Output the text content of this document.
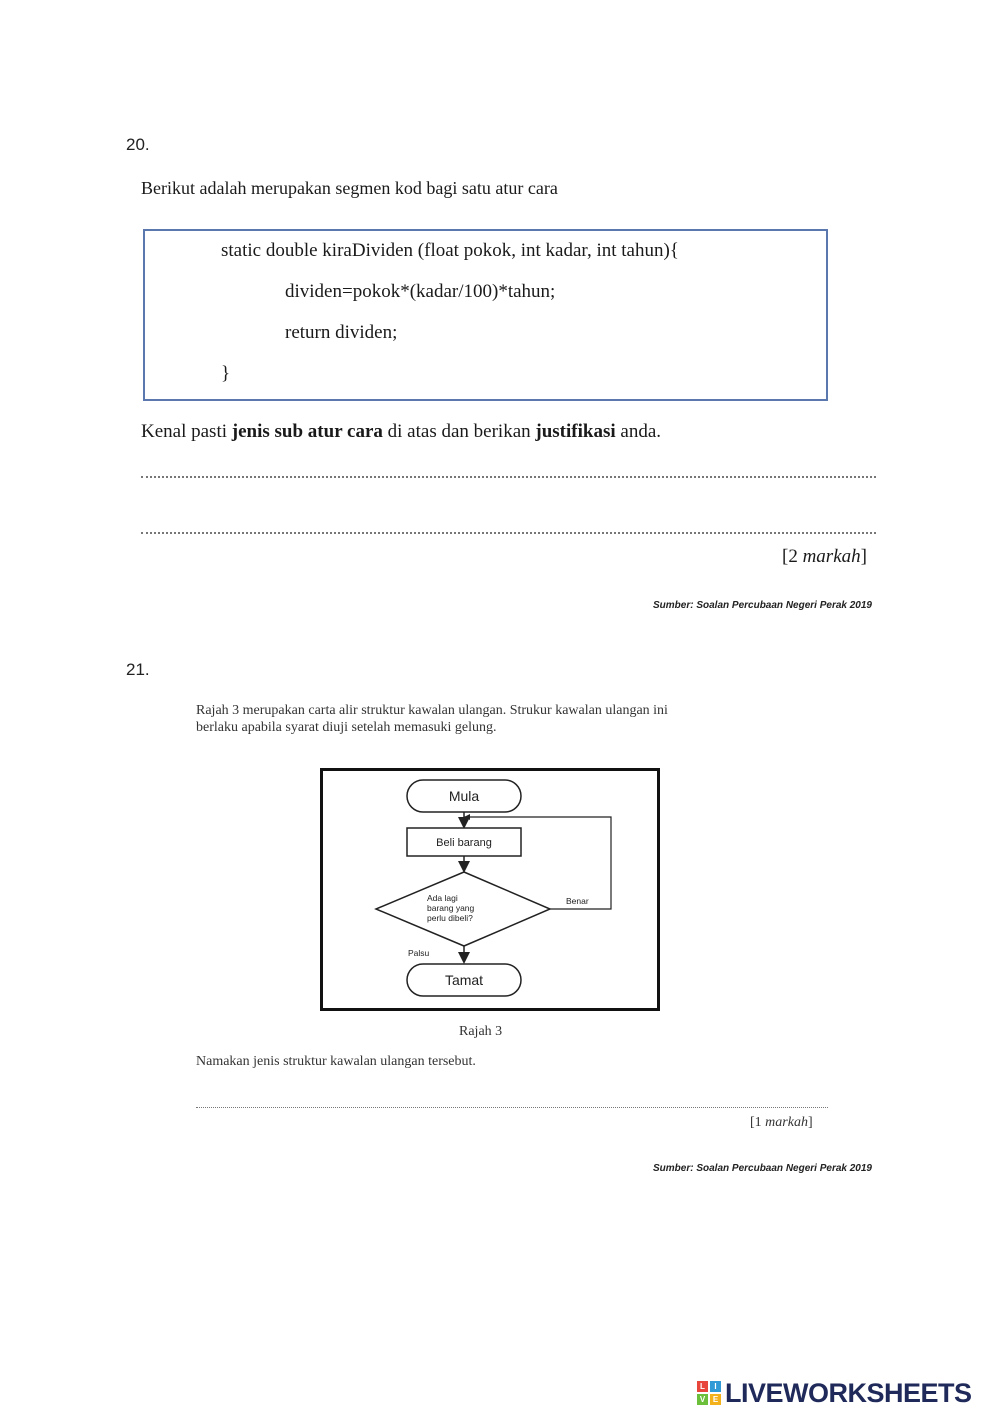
20.
Berikut adalah merupakan segmen kod bagi satu atur cara
static double kiraDividen (float pokok, int kadar, int tahun){
dividen=pokok*(kadar/100)*tahun;
return dividen;
}
Kenal pasti jenis sub atur cara di atas dan berikan justifikasi anda.
[2 markah]
Sumber: Soalan Percubaan Negeri Perak 2019
21.
Rajah 3 merupakan carta alir struktur kawalan ulangan. Strukur kawalan ulangan ini
berlaku apabila syarat diuji setelah memasuki gelung.
Mula
Beli barang
Ada lagi
barang yang
perlu dibeli?
Benar
Palsu
Tamat
Rajah 3
Namakan jenis struktur kawalan ulangan tersebut.
[1 markah]
Sumber: Soalan Percubaan Negeri Perak 2019
L	I
V E LIVEWORKSHEETS
